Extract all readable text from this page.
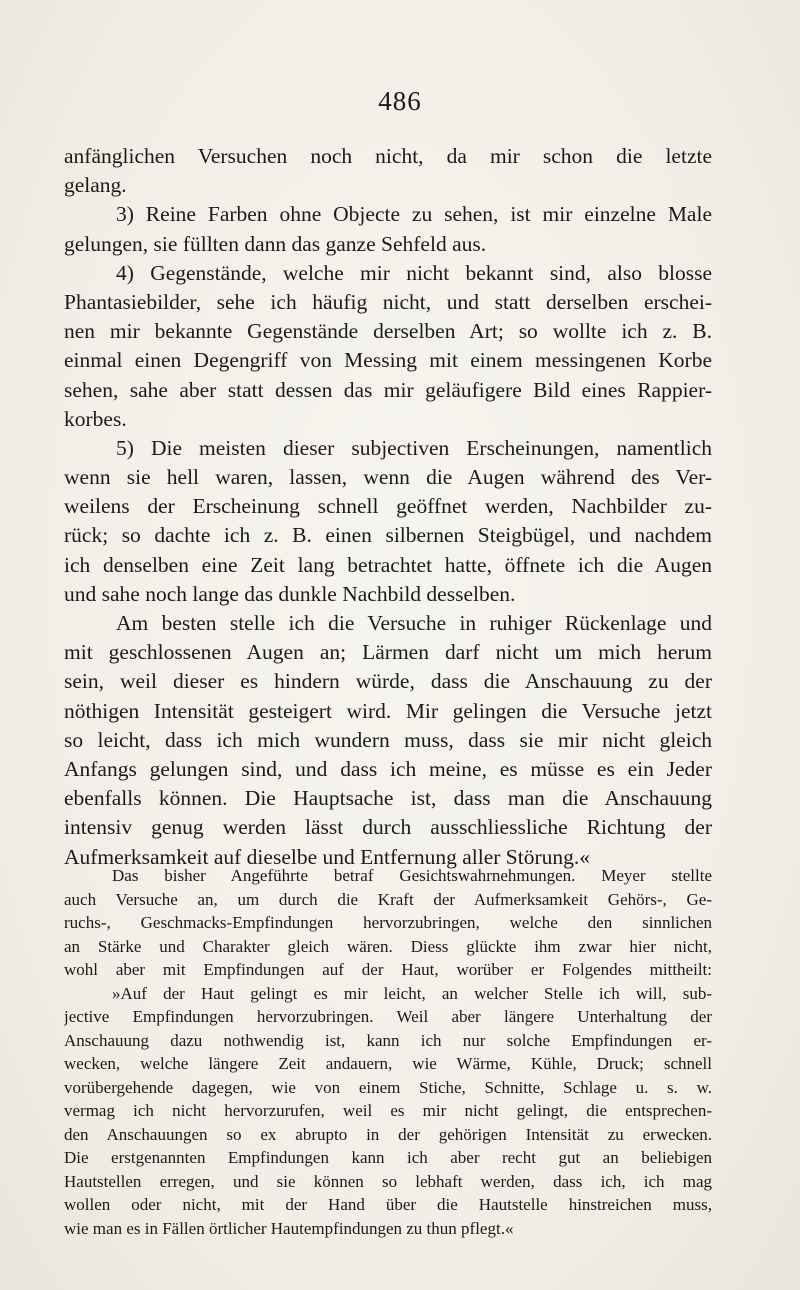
486
anfänglichen Versuchen noch nicht, da mir schon die letzte
gelang.
3) Reine Farben ohne Objecte zu sehen, ist mir einzelne Male
gelungen, sie füllten dann das ganze Sehfeld aus.
4) Gegenstände, welche mir nicht bekannt sind, also blosse
Phantasiebilder, sehe ich häufig nicht, und statt derselben erschei-
nen mir bekannte Gegenstände derselben Art; so wollte ich z. B.
einmal einen Degengriff von Messing mit einem messingenen Korbe
sehen, sahe aber statt dessen das mir geläufigere Bild eines Rappier-
korbes.
5) Die meisten dieser subjectiven Erscheinungen, namentlich
wenn sie hell waren, lassen, wenn die Augen während des Ver-
weilens der Erscheinung schnell geöffnet werden, Nachbilder zu-
rück; so dachte ich z. B. einen silbernen Steigbügel, und nachdem
ich denselben eine Zeit lang betrachtet hatte, öffnete ich die Augen
und sahe noch lange das dunkle Nachbild desselben.
Am besten stelle ich die Versuche in ruhiger Rückenlage und
mit geschlossenen Augen an; Lärmen darf nicht um mich herum
sein, weil dieser es hindern würde, dass die Anschauung zu der
nöthigen Intensität gesteigert wird. Mir gelingen die Versuche jetzt
so leicht, dass ich mich wundern muss, dass sie mir nicht gleich
Anfangs gelungen sind, und dass ich meine, es müsse es ein Jeder
ebenfalls können. Die Hauptsache ist, dass man die Anschauung
intensiv genug werden lässt durch ausschliessliche Richtung der
Aufmerksamkeit auf dieselbe und Entfernung aller Störung.«
Das bisher Angeführte betraf Gesichtswahrnehmungen. Meyer stellte
auch Versuche an, um durch die Kraft der Aufmerksamkeit Gehörs-, Ge-
ruchs-, Geschmacks-Empfindungen hervorzubringen, welche den sinnlichen
an Stärke und Charakter gleich wären. Diess glückte ihm zwar hier nicht,
wohl aber mit Empfindungen auf der Haut, worüber er Folgendes mittheilt:
»Auf der Haut gelingt es mir leicht, an welcher Stelle ich will, sub-
jective Empfindungen hervorzubringen. Weil aber längere Unterhaltung der
Anschauung dazu nothwendig ist, kann ich nur solche Empfindungen er-
wecken, welche längere Zeit andauern, wie Wärme, Kühle, Druck; schnell
vorübergehende dagegen, wie von einem Stiche, Schnitte, Schlage u. s. w.
vermag ich nicht hervorzurufen, weil es mir nicht gelingt, die entsprechen-
den Anschauungen so ex abrupto in der gehörigen Intensität zu erwecken.
Die erstgenannten Empfindungen kann ich aber recht gut an beliebigen
Hautstellen erregen, und sie können so lebhaft werden, dass ich, ich mag
wollen oder nicht, mit der Hand über die Hautstelle hinstreichen muss,
wie man es in Fällen örtlicher Hautempfindungen zu thun pflegt.«
